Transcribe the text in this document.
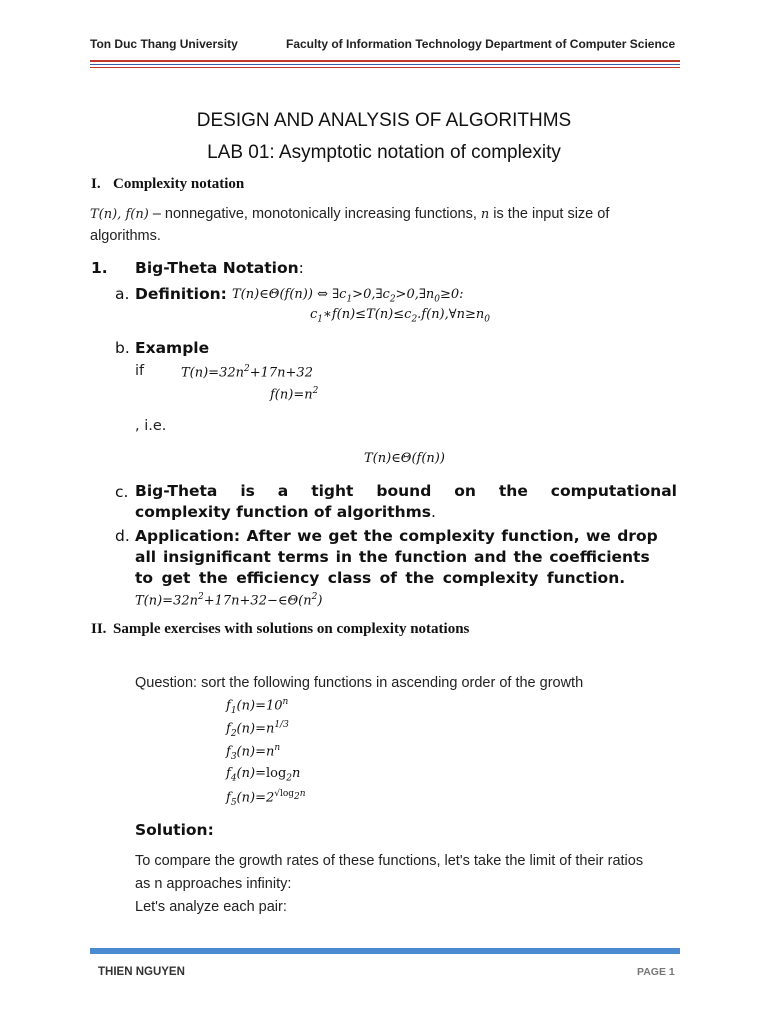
Ton Duc Thang University	Faculty of Information Technology Department of Computer Science
DESIGN AND ANALYSIS OF ALGORITHMS
LAB 01: Asymptotic notation of complexity
I. Complexity notation
T(n), f(n) – nonnegative, monotonically increasing functions, n is the input size of
algorithms.
1. Big-Theta Notation:
a. Definition: T(n)∈Θ(f(n)) ⇔ $\exists c_1>0,\exists c_2>0,\exists n_0\ge 0$:
$c_1∗f(n)\le T(n)\le c_2.f(n),\forall n\ge n_0$
b. Example
if	$T(n)=32n^2+17n+32$
$f(n)=n^2$
, i.e.
T(n)∈Θ(f(n))
c. Big-Theta is a tight bound on the computational
complexity function of algorithms.
d. Application: After we get the complexity function, we drop
all insignificant terms in the function and the coefficients
to get the efficiency class of the complexity function.
$T(n)=32n^2+17n+32-\in\Theta(n^2)$
II. Sample exercises with solutions on complexity notations
Question: sort the following functions in ascending order of the growth
$f_1(n)=10^n$
$f_2(n)=n^{1/3}$
$f_3(n)=n^n$
$f_4(n)=\log_2n$
$f_5(n)=2^{√log_2n}$
Solution:
To compare the growth rates of these functions, let's take the limit of their ratios
as n approaches infinity:
Let's analyze each pair:
THIEN NGUYEN	PAGE 1
